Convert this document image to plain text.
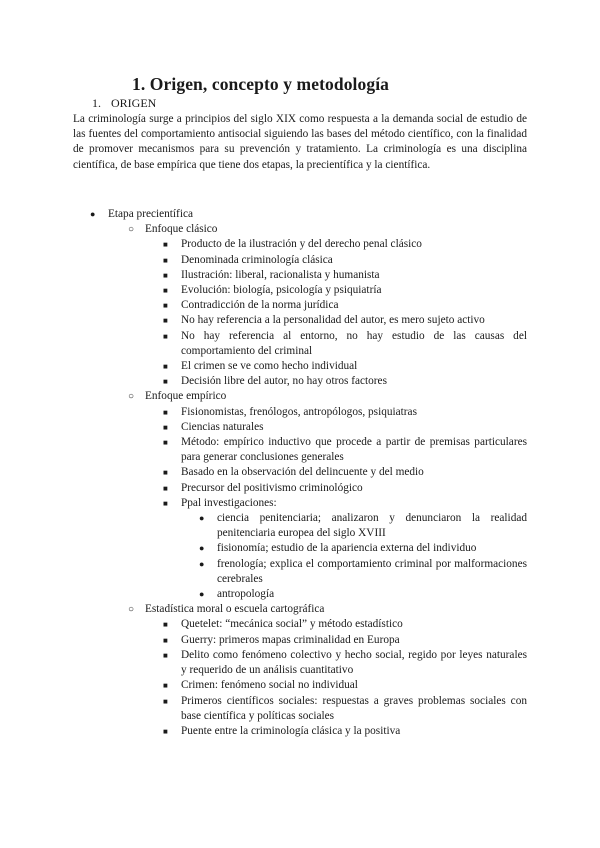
1. Origen, concepto y metodología
1. ORIGEN

La criminología surge a principios del siglo XIX como respuesta a la demanda social de estudio de las fuentes del comportamiento antisocial siguiendo las bases del método científico, con la finalidad de promover mecanismos para su prevención y tratamiento. La criminología es una disciplina científica, de base empírica que tiene dos etapas, la precientífica y la científica.

● Etapa precientífica
○ Enfoque clásico
■ Producto de la ilustración y del derecho penal clásico
■ Denominada criminología clásica
■ Ilustración: liberal, racionalista y humanista
■ Evolución: biología, psicología y psiquiatría
■ Contradicción de la norma jurídica
■ No hay referencia a la personalidad del autor, es mero sujeto activo
■ No hay referencia al entorno, no hay estudio de las causas del comportamiento del criminal
■ El crimen se ve como hecho individual
■ Decisión libre del autor, no hay otros factores
○ Enfoque empírico
■ Fisionomistas, frenólogos, antropólogos, psiquiatras
■ Ciencias naturales
■ Método: empírico inductivo que procede a partir de premisas particulares para generar conclusiones generales
■ Basado en la observación del delincuente y del medio
■ Precursor del positivismo criminológico
■ Ppal investigaciones:
● ciencia penitenciaria; analizaron y denunciaron la realidad penitenciaria europea del siglo XVIII
● fisionomía; estudio de la apariencia externa del individuo
● frenología; explica el comportamiento criminal por malformaciones cerebrales
● antropología
○ Estadística moral o escuela cartográfica
■ Quetelet: “mecánica social” y método estadístico
■ Guerry: primeros mapas criminalidad en Europa
■ Delito como fenómeno colectivo y hecho social, regido por leyes naturales y requerido de un análisis cuantitativo
■ Crimen: fenómeno social no individual
■ Primeros científicos sociales: respuestas a graves problemas sociales con base científica y políticas sociales
■ Puente entre la criminología clásica y la positiva
